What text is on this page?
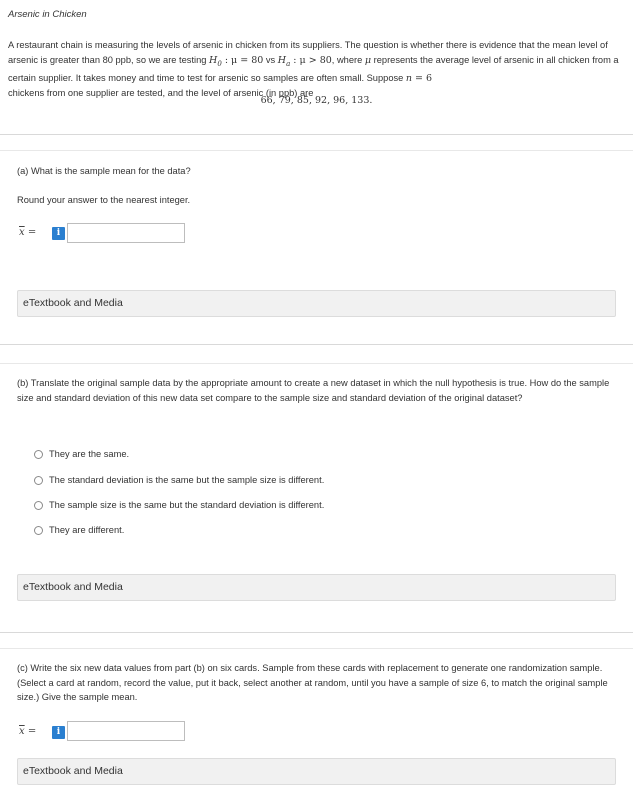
Arsenic in Chicken
A restaurant chain is measuring the levels of arsenic in chicken from its suppliers. The question is whether there is evidence that the mean level of arsenic is greater than 80 ppb, so we are testing $H_0$ : μ = 80 vs $H_a$ : μ > 80, where μ represents the average level of arsenic in all chicken from a certain supplier. It takes money and time to test for arsenic so samples are often small. Suppose n = 6
chickens from one supplier are tested, and the level of arsenic (in ppb) are
66, 79, 85, 92, 96, 133.
(a) What is the sample mean for the data?
Round your answer to the nearest integer.
$\overline{x}$ =	i
eTextbook and Media
(b) Translate the original sample data by the appropriate amount to create a new dataset in which the null hypothesis is true. How do the sample size and standard deviation of this new data set compare to the sample size and standard deviation of the original dataset?
They are the same.
The standard deviation is the same but the sample size is different.
The sample size is the same but the standard deviation is different.
They are different.
eTextbook and Media
(c) Write the six new data values from part (b) on six cards. Sample from these cards with replacement to generate one randomization sample. (Select a card at random, record the value, put it back, select another at random, until you have a sample of size 6, to match the original sample size.) Give the sample mean.
$\overline{x}$ =	i
eTextbook and Media
